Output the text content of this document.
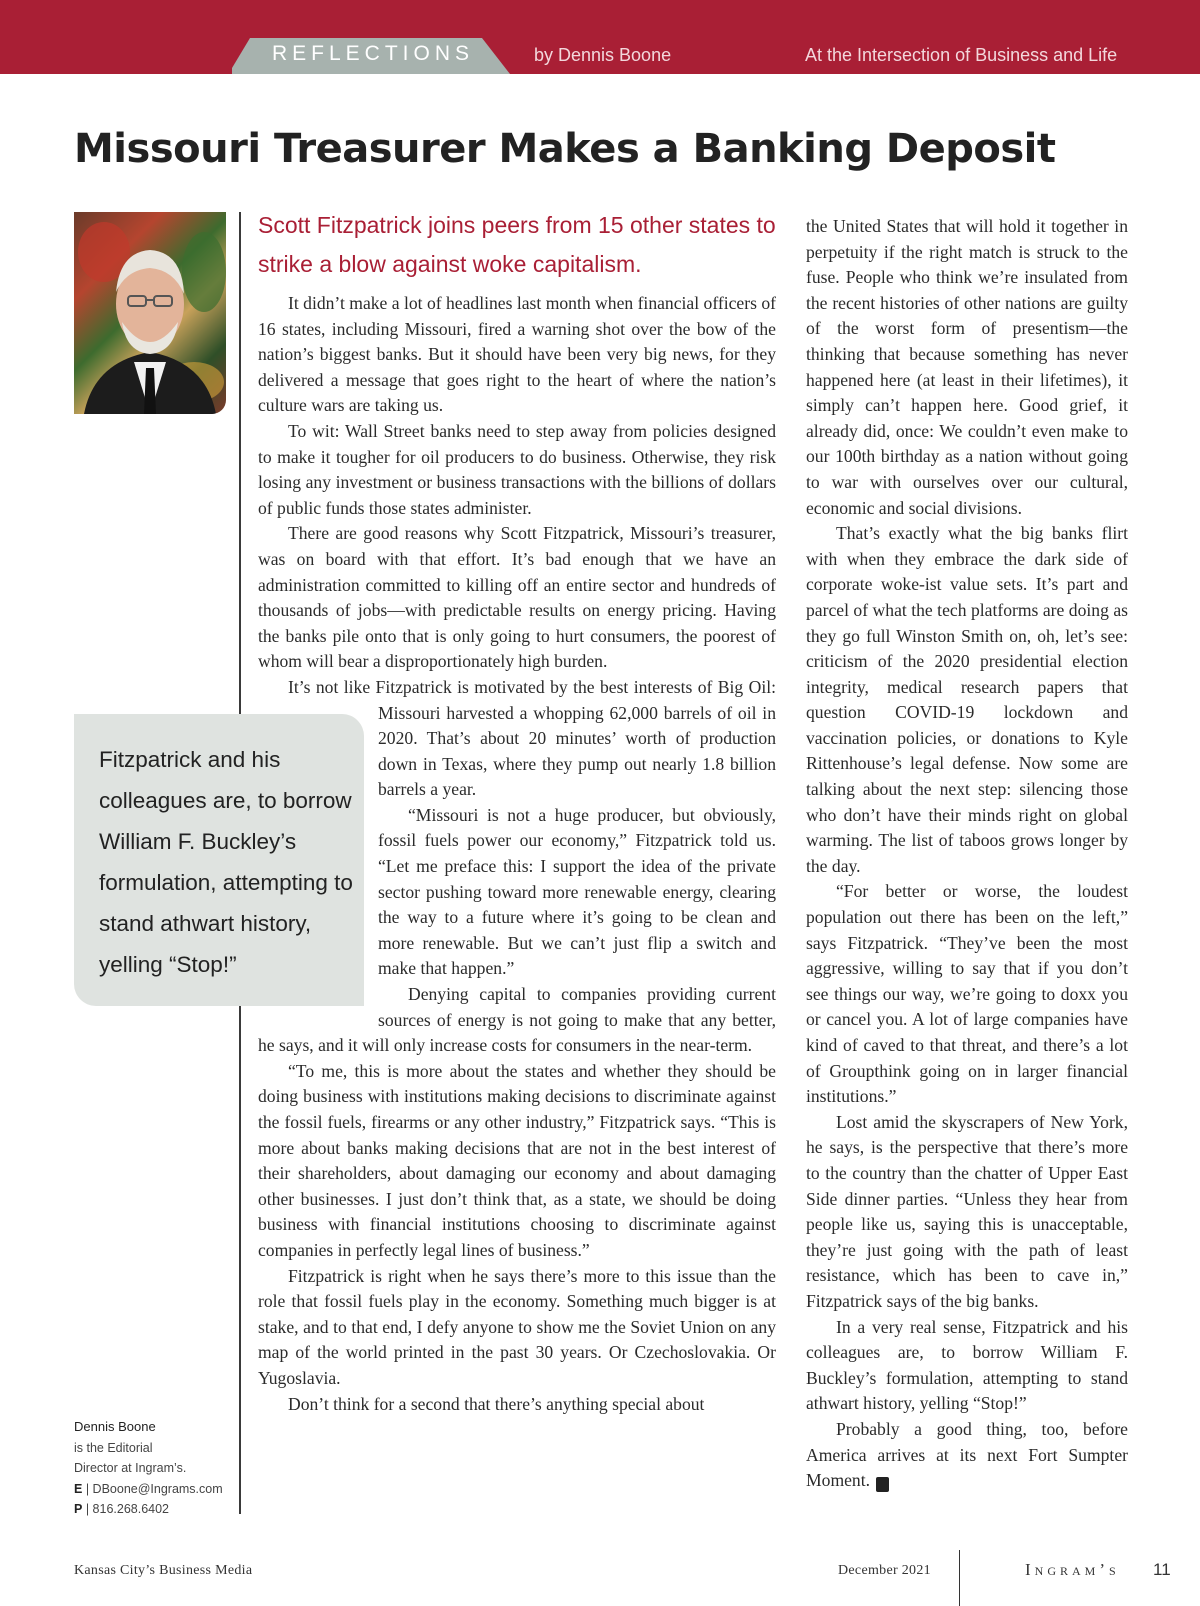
REFLECTIONS	by Dennis Boone	At the Intersection of Business and Life
Missouri Treasurer Makes a Banking Deposit
Scott Fitzpatrick joins peers from 15 other states to strike a blow against woke capitalism.

It didn’t make a lot of headlines last month when financial officers of 16 states, including Missouri, fired a warning shot over the bow of the nation’s biggest banks. But it should have been very big news, for they delivered a message that goes right to the heart of where the nation’s culture wars are taking us.

To wit: Wall Street banks need to step away from policies designed to make it tougher for oil producers to do business. Otherwise, they risk losing any investment or business transactions with the billions of dollars of public funds those states administer.

There are good reasons why Scott Fitzpatrick, Missouri’s treasurer, was on board with that effort. It’s bad enough that we have an administration committed to killing off an entire sector and hundreds of thousands of jobs—with predictable results on energy pricing. Having the banks pile onto that is only going to hurt consumers, the poorest of whom will bear a disproportionately high burden.

It’s not like Fitzpatrick is motivated by the best interests of Big Oil: Missouri harvested a whopping 62,000 barrels of oil in 2020. That’s about 20 minutes’ worth of production down in Texas, where they pump out nearly 1.8 billion barrels a year.

“Missouri is not a huge producer, but obviously, fossil fuels power our economy,” Fitzpatrick told us. “Let me preface this: I support the idea of the private sector pushing toward more renewable energy, clearing the way to a future where it’s going to be clean and more renewable. But we can’t just flip a switch and make that happen.”

Denying capital to companies providing current sources of energy is not going to make that any better, he says, and it will only increase costs for consumers in the near-term.

“To me, this is more about the states and whether they should be doing business with institutions making decisions to discriminate against the fossil fuels, firearms or any other industry,” Fitzpatrick says. “This is more about banks making decisions that are not in the best interest of their shareholders, about damaging our economy and about damaging other businesses. I just don’t think that, as a state, we should be doing business with financial institutions choosing to discriminate against companies in perfectly legal lines of business.”

Fitzpatrick is right when he says there’s more to this issue than the role that fossil fuels play in the economy. Something much bigger is at stake, and to that end, I defy anyone to show me the Soviet Union on any map of the world printed in the past 30 years. Or Czechoslovakia. Or Yugoslavia.

Don’t think for a second that there’s anything special about

the United States that will hold it together in perpetuity if the right match is struck to the fuse. People who think we’re insulated from the recent histories of other nations are guilty of the worst form of presentism—the thinking that because something has never happened here (at least in their lifetimes), it simply can’t happen here. Good grief, it already did, once: We couldn’t even make to our 100th birthday as a nation without going to war with ourselves over our cultural, economic and social divisions.

That’s exactly what the big banks flirt with when they embrace the dark side of corporate woke-ist value sets. It’s part and parcel of what the tech platforms are doing as they go full Winston Smith on, oh, let’s see: criticism of the 2020 presidential election integrity, medical research papers that question COVID-19 lockdown and vaccination policies, or donations to Kyle Rittenhouse’s legal defense. Now some are talking about the next step: silencing those who don’t have their minds right on global warming. The list of taboos grows longer by the day.

“For better or worse, the loudest population out there has been on the left,” says Fitzpatrick. “They’ve been the most aggressive, willing to say that if you don’t see things our way, we’re going to doxx you or cancel you. A lot of large companies have kind of caved to that threat, and there’s a lot of Groupthink going on in larger financial institutions.”

Lost amid the skyscrapers of New York, he says, is the perspective that there’s more to the country than the chatter of Upper East Side dinner parties. “Unless they hear from people like us, saying this is unacceptable, they’re just going with the path of least resistance, which has been to cave in,” Fitzpatrick says of the big banks.

In a very real sense, Fitzpatrick and his colleagues are, to borrow William F. Buckley’s formulation, attempting to stand athwart history, yelling “Stop!”

Probably a good thing, too, before America arrives at its next Fort Sumpter Moment.	I

Fitzpatrick and his colleagues are, to borrow William F. Buckley’s formulation, attempting to stand athwart history, yelling “Stop!”
Dennis Boone
is the Editorial
Director at Ingram’s.
E | DBoone@Ingrams.com
P | 816.268.6402
Kansas City’s Business Media	December 2021	Ingram’s 11
